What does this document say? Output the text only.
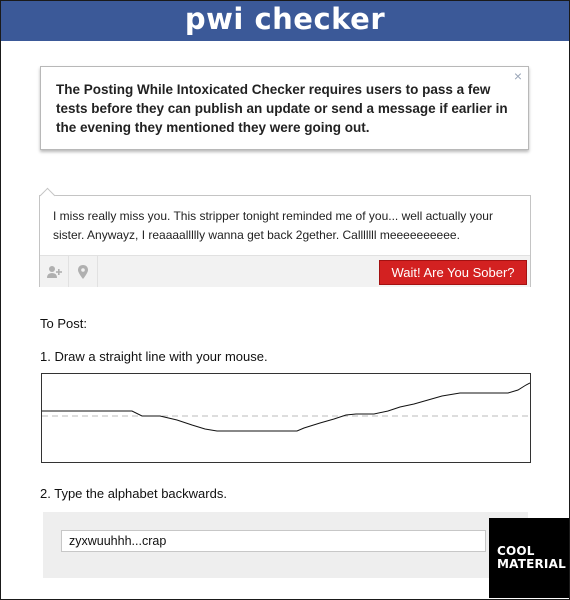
pwi checker
×
The Posting While Intoxicated Checker requires users to pass a few tests before they can publish an update or send a message if earlier in the evening they mentioned they were going out.
I miss really miss you. This stripper tonight reminded me of you... well actually your sister. Anywayz, I reaaaallllly wanna get back 2gether. Calllllll meeeeeeeeee.
Wait! Are You Sober?
To Post:
1. Draw a straight line with your mouse.
2. Type the alphabet backwards.
zyxwuuhhh...crap
COOL
MATERIAL
